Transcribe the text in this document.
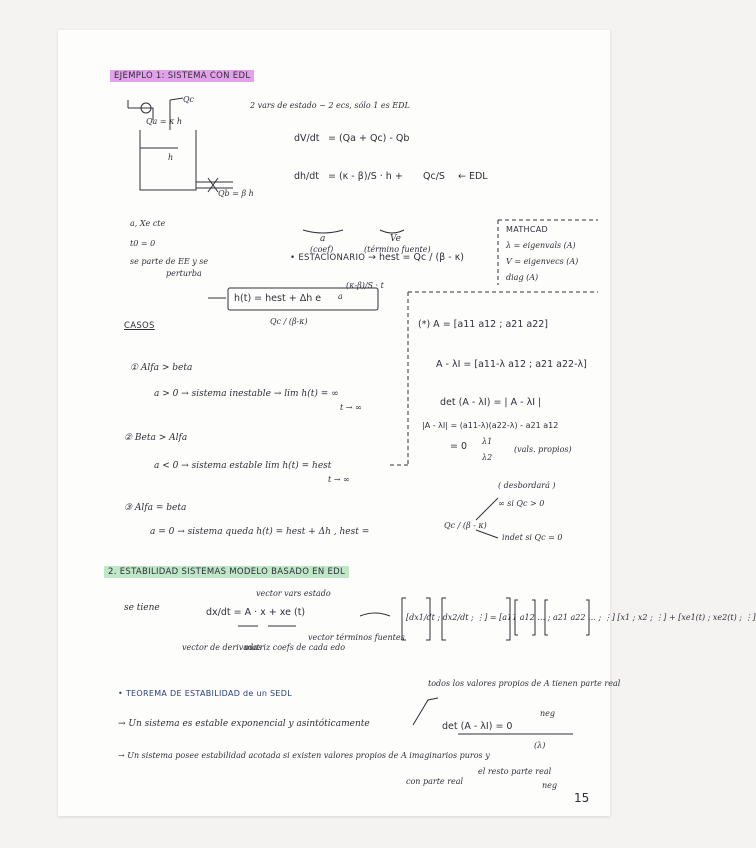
EJEMPLO 1: SISTEMA CON EDL
Qc
Qa = κ h
h
Qb = β h
2 vars de estado ~ 2 ecs, sólo 1 es EDL
dV/dt = (Qa + Qc) - Qb
dh/dt = (κ - β)/S · h + Qc/S ← EDL
a
(coef)
Ve
(término fuente)
a, Xe cte
t0 = 0
se parte de EE y se
perturba
• ESTACIONARIO → hest = Qc / (β - κ)
h(t) = hest + Δh e
(κ-β)/S · t
a
Qc / (β-κ)
MATHCAD
λ = eigenvals (A)
V = eigenvecs (A)
diag (A)
(*) A = [a11 a12 ; a21 a22]
A - λI = [a11-λ a12 ; a21 a22-λ]
det (A - λI) = | A - λI |
|A - λI| = (a11-λ)(a22-λ) - a21 a12
= 0 λ1
λ2
(vals. propios)
CASOS
① Alfa > beta
a > 0 → sistema inestable → lim h(t) = ∞
t → ∞
② Beta > Alfa
a < 0 → sistema estable lim h(t) = hest
t → ∞
( desbordará )
∞ si Qc > 0
③ Alfa = beta
a = 0 → sistema queda h(t) = hest + Δh , hest =
Qc / (β - κ)
indet si Qc = 0
2. ESTABILIDAD SISTEMAS MODELO BASADO EN EDL
vector vars estado
se tiene	dx/dt = A · x + xe (t)
vector de derivadas
matriz coefs de cada edo
vector términos fuentes
[dx1/dt ; dx2/dt ; ⋮] = [a11 a12 … ; a21 a22 … ; ⋮] [x1 ; x2 ; ⋮] + [xe1(t) ; xe2(t) ; ⋮]
• TEOREMA DE ESTABILIDAD de un SEDL
todos los valores propios de A tienen parte real
neg
→ Un sistema es estable exponencial y asintóticamente	det (A - λI) = 0
(λ)
→ Un sistema posee estabilidad acotada si existen valores propios de A imaginarios puros y
el resto parte real
neg
con parte real
15
